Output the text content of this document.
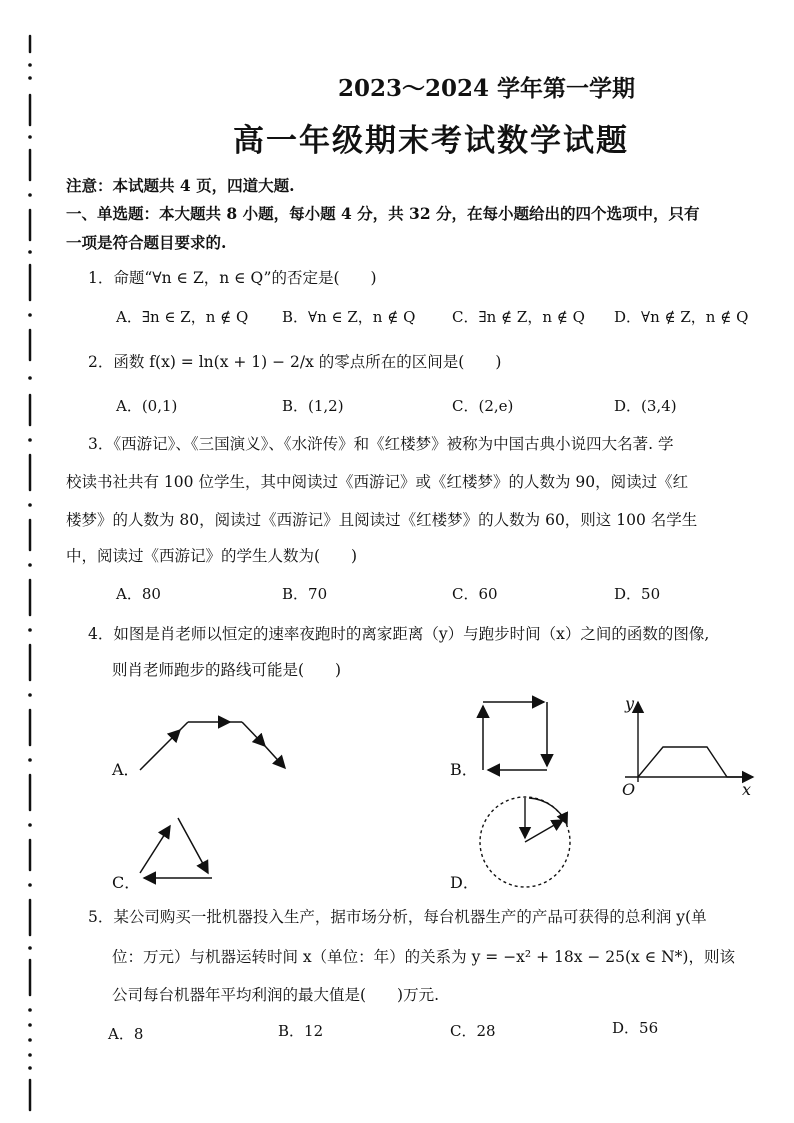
2023～2024 学年第一学期
高一年级期末考试数学试题
注意：本试题共 4 页，四道大题.
一、单选题：本大题共 8 小题，每小题 4 分，共 32 分，在每小题给出的四个选项中，只有
一项是符合题目要求的.
1．命题“∀n ∈ Z，n ∈ Q”的否定是(　　)
A．∃n ∈ Z，n ∉ Q B．∀n ∈ Z，n ∉ Q C．∃n ∉ Z，n ∉ Q D．∀n ∉ Z，n ∉ Q
2．函数 f(x) = ln(x + 1) − 2/x 的零点所在的区间是(　　)
A．(0,1)	B．(1,2)	C．(2,e)	D．(3,4)
3．《西游记》、《三国演义》、《水浒传》和《红楼梦》被称为中国古典小说四大名著. 学
校读书社共有 100 位学生，其中阅读过《西游记》或《红楼梦》的人数为 90，阅读过《红
楼梦》的人数为 80，阅读过《西游记》且阅读过《红楼梦》的人数为 60，则这 100 名学生
中，阅读过《西游记》的学生人数为(　　)
A．80	B．70	C．60	D．50
4．如图是肖老师以恒定的速率夜跑时的离家距离（y）与跑步时间（x）之间的函数的图像,
则肖老师跑步的路线可能是(　　)
A．	B．
C．	D．
y
x
O
5．某公司购买一批机器投入生产，据市场分析，每台机器生产的产品可获得的总利润 y(单
位：万元）与机器运转时间 x（单位：年）的关系为 y = −x² + 18x − 25(x ∈ N*)，则该
公司每台机器年平均利润的最大值是(　　)万元.
A．8	B．12	C．28	D．56
